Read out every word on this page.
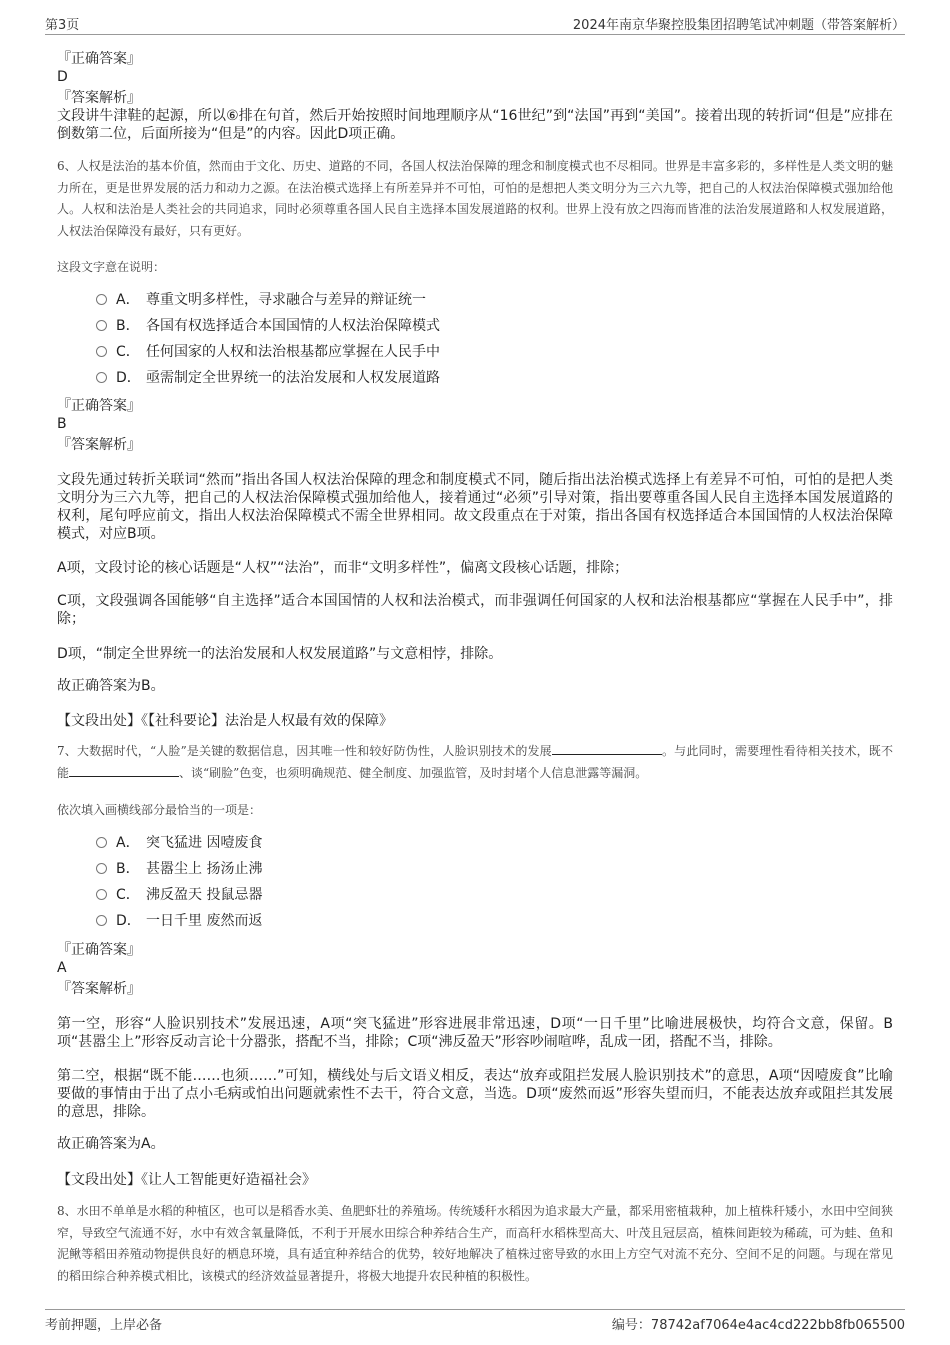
第3页	2024年南京华聚控股集团招聘笔试冲刺题（带答案解析）
『正确答案』
D
『答案解析』
文段讲牛津鞋的起源，所以⑥排在句首，然后开始按照时间地理顺序从“16世纪”到“法国”再到“美国”。接着出现的转折词“但是”应排在倒数第二位，后面所接为“但是”的内容。因此D项正确。
6、人权是法治的基本价值，然而由于文化、历史、道路的不同，各国人权法治保障的理念和制度模式也不尽相同。世界是丰富多彩的，多样性是人类文明的魅力所在，更是世界发展的活力和动力之源。在法治模式选择上有所差异并不可怕，可怕的是想把人类文明分为三六九等，把自己的人权法治保障模式强加给他人。人权和法治是人类社会的共同追求，同时必须尊重各国人民自主选择本国发展道路的权利。世界上没有放之四海而皆准的法治发展道路和人权发展道路，人权法治保障没有最好，只有更好。
这段文字意在说明：
A． 尊重文明多样性，寻求融合与差异的辩证统一
B． 各国有权选择适合本国国情的人权法治保障模式
C． 任何国家的人权和法治根基都应掌握在人民手中
D． 亟需制定全世界统一的法治发展和人权发展道路
『正确答案』
B
『答案解析』
文段先通过转折关联词“然而”指出各国人权法治保障的理念和制度模式不同，随后指出法治模式选择上有差异不可怕，可怕的是把人类文明分为三六九等，把自己的人权法治保障模式强加给他人，接着通过“必须”引导对策，指出要尊重各国人民自主选择本国发展道路的权利，尾句呼应前文，指出人权法治保障模式不需全世界相同。故文段重点在于对策，指出各国有权选择适合本国国情的人权法治保障模式，对应B项。
A项，文段讨论的核心话题是“人权”“法治”，而非“文明多样性”，偏离文段核心话题，排除；
C项，文段强调各国能够“自主选择”适合本国国情的人权和法治模式，而非强调任何国家的人权和法治根基都应“掌握在人民手中”，排除；
D项，“制定全世界统一的法治发展和人权发展道路”与文意相悖，排除。
故正确答案为B。
【文段出处】《【社科要论】法治是人权最有效的保障》
7、大数据时代，“人脸”是关键的数据信息，因其唯一性和较好防伪性，人脸识别技术的发展	。与此同时，需要理性看待相关技术，既不能	、谈“刷脸”色变，也须明确规范、健全制度、加强监管，及时封堵个人信息泄露等漏洞。
依次填入画横线部分最恰当的一项是：
A． 突飞猛进 因噎废食
B． 甚嚣尘上 扬汤止沸
C． 沸反盈天 投鼠忌器
D． 一日千里 废然而返
『正确答案』
A
『答案解析』
第一空，形容“人脸识别技术”发展迅速，A项“突飞猛进”形容进展非常迅速，D项“一日千里”比喻进展极快，均符合文意，保留。B项“甚嚣尘上”形容反动言论十分嚣张，搭配不当，排除；C项“沸反盈天”形容吵闹喧哗，乱成一团，搭配不当，排除。
第二空，根据“既不能……也须……”可知，横线处与后文语义相反，表达“放弃或阻拦发展人脸识别技术”的意思，A项“因噎废食”比喻要做的事情由于出了点小毛病或怕出问题就索性不去干，符合文意，当选。D项“废然而返”形容失望而归，不能表达放弃或阻拦其发展的意思，排除。
故正确答案为A。
【文段出处】《让人工智能更好造福社会》
8、水田不单单是水稻的种植区，也可以是稻香水美、鱼肥虾壮的养殖场。传统矮秆水稻因为追求最大产量，都采用密植栽种，加上植株秆矮小，水田中空间狭窄，导致空气流通不好，水中有效含氧量降低，不利于开展水田综合种养结合生产，而高秆水稻株型高大、叶茂且冠层高，植株间距较为稀疏，可为蛙、鱼和泥鳅等稻田养殖动物提供良好的栖息环境，具有适宜种养结合的优势，较好地解决了植株过密导致的水田上方空气对流不充分、空间不足的问题。与现在常见的稻田综合种养模式相比，该模式的经济效益显著提升，将极大地提升农民种植的积极性。
考前押题，上岸必备	编号：78742af7064e4ac4cd222bb8fb065500
